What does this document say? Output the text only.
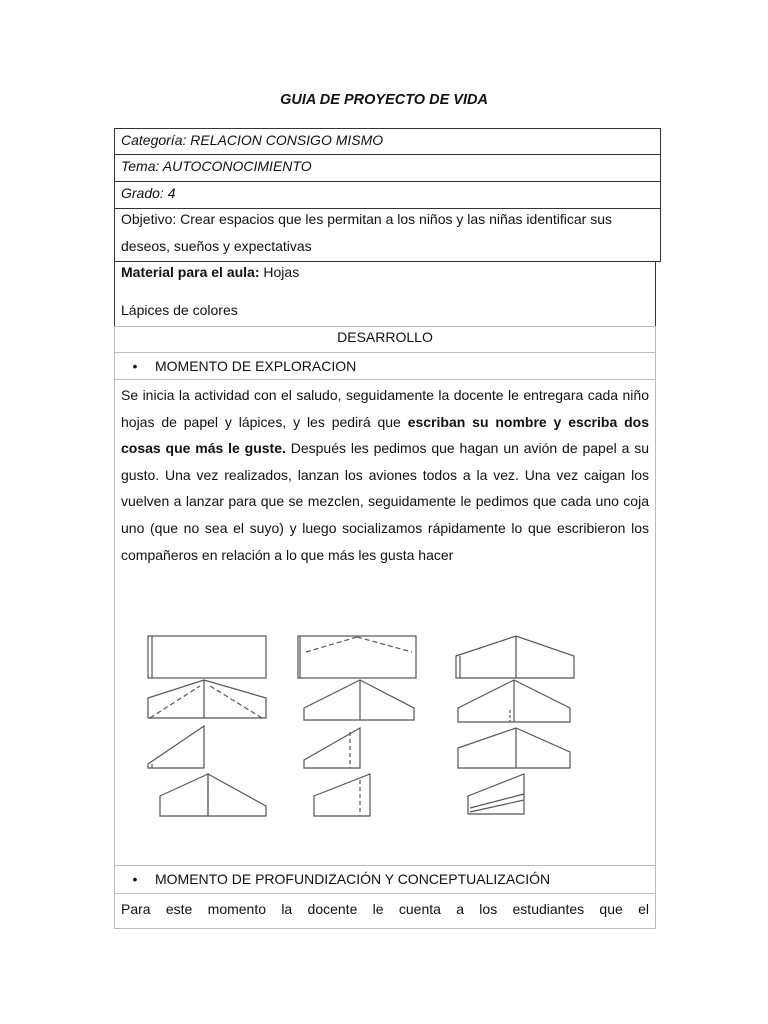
GUIA DE PROYECTO DE VIDA
Categoría: RELACION CONSIGO MISMO
Tema: AUTOCONOCIMIENTO
Grado: 4
Objetivo: Crear espacios que les permitan a los niños y las niñas identificar sus
deseos, sueños y expectativas
Material para el aula: Hojas
Lápices de colores
DESARROLLO
• MOMENTO DE EXPLORACION
Se inicia la actividad con el saludo, seguidamente la docente le entregara cada niño hojas de papel y lápices, y les pedirá que escriban su nombre y escriba dos cosas que más le guste. Después les pedimos que hagan un avión de papel a su gusto. Una vez realizados, lanzan los aviones todos a la vez. Una vez caigan los vuelven a lanzar para que se mezclen, seguidamente le pedimos que cada uno coja uno (que no sea el suyo) y luego socializamos rápidamente lo que escribieron los compañeros en relación a lo que más les gusta hacer
• MOMENTO DE PROFUNDIZACIÓN Y CONCEPTUALIZACIÓN
Para este momento la docente le cuenta a los estudiantes que el
